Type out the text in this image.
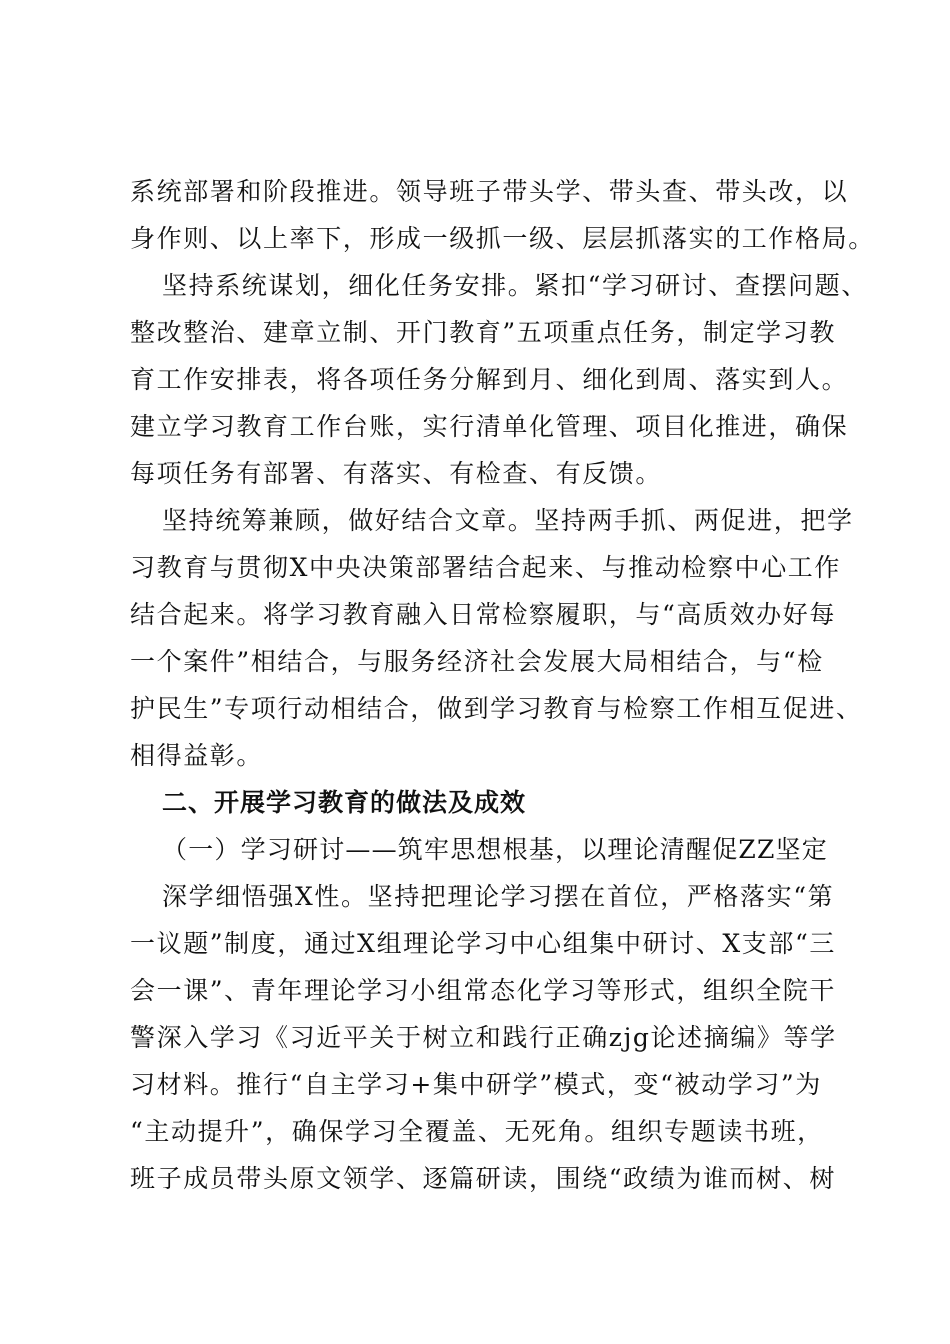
系统部署和阶段推进。领导班子带头学、带头查、带头改，以
身作则、以上率下，形成一级抓一级、层层抓落实的工作格局。
坚持系统谋划，细化任务安排。紧扣“学习研讨、查摆问题、
整改整治、建章立制、开门教育”五项重点任务，制定学习教
育工作安排表，将各项任务分解到月、细化到周、落实到人。
建立学习教育工作台账，实行清单化管理、项目化推进，确保
每项任务有部署、有落实、有检查、有反馈。
坚持统筹兼顾，做好结合文章。坚持两手抓、两促进，把学
习教育与贯彻X中央决策部署结合起来、与推动检察中心工作
结合起来。将学习教育融入日常检察履职，与“高质效办好每
一个案件”相结合，与服务经济社会发展大局相结合，与“检
护民生”专项行动相结合，做到学习教育与检察工作相互促进、
相得益彰。
二、开展学习教育的做法及成效
（一）学习研讨——筑牢思想根基，以理论清醒促ZZ坚定
深学细悟强X性。坚持把理论学习摆在首位，严格落实“第
一议题”制度，通过X组理论学习中心组集中研讨、X支部“三
会一课”、青年理论学习小组常态化学习等形式，组织全院干
警深入学习《习近平关于树立和践行正确zjg论述摘编》等学
习材料。推行“自主学习+集中研学”模式，变“被动学习”为
“主动提升”，确保学习全覆盖、无死角。组织专题读书班，
班子成员带头原文领学、逐篇研读，围绕“政绩为谁而树、树
